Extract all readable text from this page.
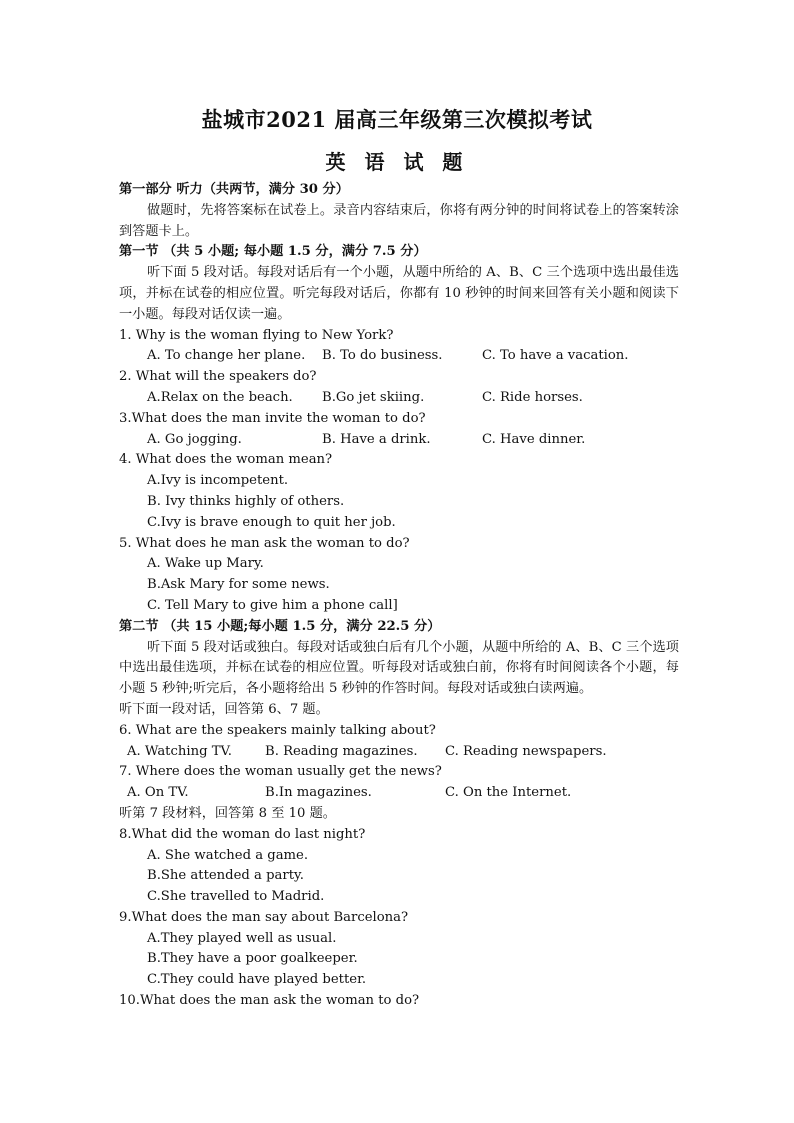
盐城市2021 届高三年级第三次模拟考试
英 语 试 题
第一部分 听力（共两节，满分 30 分）
做题时，先将答案标在试卷上。录音内容结束后，你将有两分钟的时间将试卷上的答案转涂到答题卡上。
第一节 （共 5 小题; 每小题 1.5 分，满分 7.5 分）
听下面 5 段对话。每段对话后有一个小题，从题中所给的 A、B、C 三个选项中选出最佳选项，并标在试卷的相应位置。听完每段对话后，你都有 10 秒钟的时间来回答有关小题和阅读下一小题。每段对话仅读一遍。
1. Why is the woman flying to New York?
A. To change her plane.	B. To do business.	C. To have a vacation.
2. What will the speakers do?
A.Relax on the beach.	B.Go jet skiing.	C. Ride horses.
3.What does the man invite the woman to do?
A. Go jogging.	B. Have a drink.	C. Have dinner.
4. What does the woman mean?
A.Ivy is incompetent.
B. Ivy thinks highly of others.
C.Ivy is brave enough to quit her job.
5. What does he man ask the woman to do?
A. Wake up Mary.
B.Ask Mary for some news.
C. Tell Mary to give him a phone call]
第二节 （共 15 小题;每小题 1.5 分，满分 22.5 分）
听下面 5 段对话或独白。每段对话或独白后有几个小题，从题中所给的 A、B、C 三个选项中选出最佳选项，并标在试卷的相应位置。听每段对话或独白前，你将有时间阅读各个小题，每小题 5 秒钟;听完后，各小题将给出 5 秒钟的作答时间。每段对话或独白读两遍。
听下面一段对话，回答第 6、7 题。
6. What are the speakers mainly talking about?
A. Watching TV.	B. Reading magazines.	C. Reading newspapers.
7. Where does the woman usually get the news?
A. On TV.	B.In magazines.	C. On the Internet.
听第 7 段材料，回答第 8 至 10 题。
8.What did the woman do last night?
A. She watched a game.
B.She attended a party.
C.She travelled to Madrid.
9.What does the man say about Barcelona?
A.They played well as usual.
B.They have a poor goalkeeper.
C.They could have played better.
10.What does the man ask the woman to do?
